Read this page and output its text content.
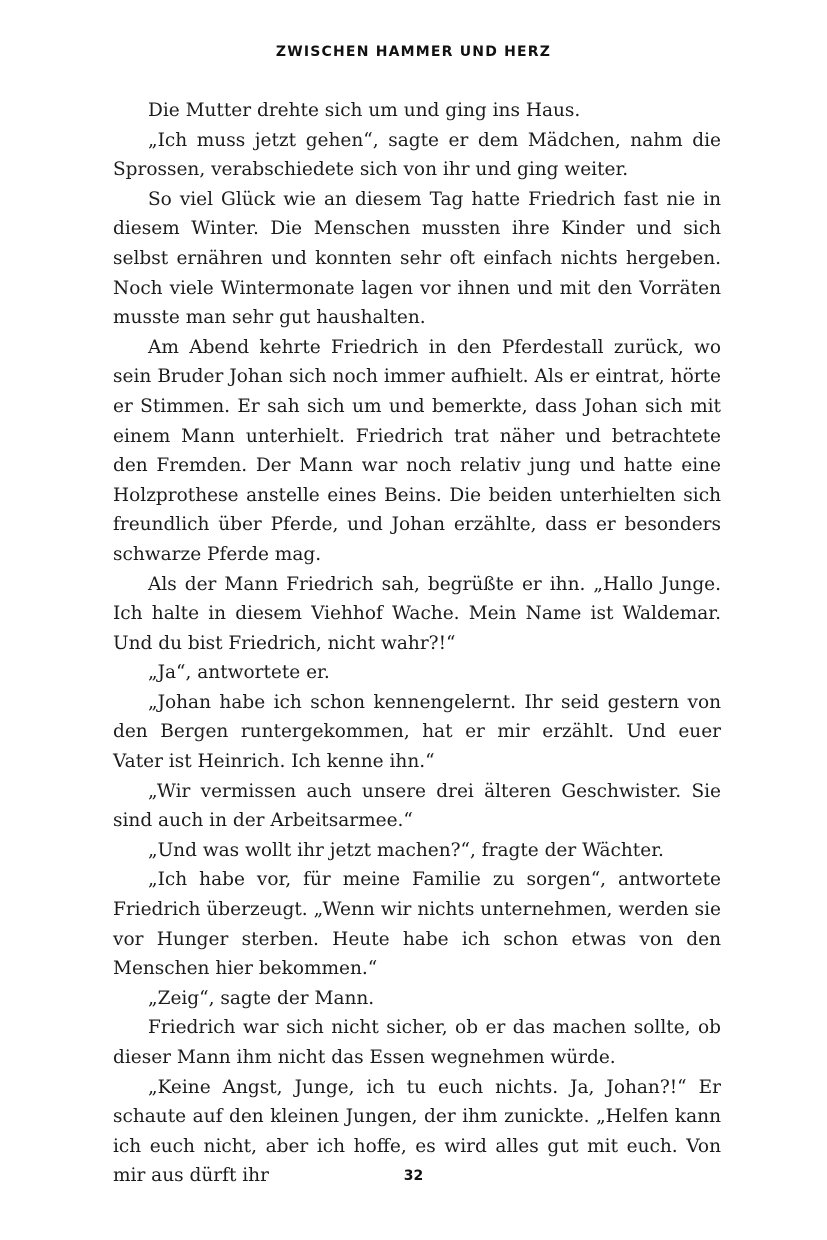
ZWISCHEN HAMMER UND HERZ

Die Mutter drehte sich um und ging ins Haus.

„Ich muss jetzt gehen“, sagte er dem Mädchen, nahm die Sprossen, verabschiedete sich von ihr und ging weiter.

So viel Glück wie an diesem Tag hatte Friedrich fast nie in diesem Winter. Die Menschen mussten ihre Kinder und sich selbst ernähren und konnten sehr oft einfach nichts hergeben. Noch viele Wintermonate lagen vor ihnen und mit den Vorräten musste man sehr gut haushalten.

Am Abend kehrte Friedrich in den Pferdestall zurück, wo sein Bruder Johan sich noch immer aufhielt. Als er eintrat, hörte er Stimmen. Er sah sich um und bemerkte, dass Johan sich mit einem Mann unterhielt. Friedrich trat näher und betrachtete den Fremden. Der Mann war noch relativ jung und hatte eine Holzprothese anstelle eines Beins. Die beiden unterhielten sich freundlich über Pferde, und Johan erzählte, dass er besonders schwarze Pferde mag.

Als der Mann Friedrich sah, begrüßte er ihn. „Hallo Junge. Ich halte in diesem Viehhof Wache. Mein Name ist Waldemar. Und du bist Friedrich, nicht wahr?!“

„Ja“, antwortete er.

„Johan habe ich schon kennengelernt. Ihr seid gestern von den Bergen runtergekommen, hat er mir erzählt. Und euer Vater ist Heinrich. Ich kenne ihn.“

„Wir vermissen auch unsere drei älteren Geschwister. Sie sind auch in der Arbeitsarmee.“

„Und was wollt ihr jetzt machen?“, fragte der Wächter.

„Ich habe vor, für meine Familie zu sorgen“, antwortete Friedrich überzeugt. „Wenn wir nichts unternehmen, werden sie vor Hunger sterben. Heute habe ich schon etwas von den Menschen hier bekommen.“

„Zeig“, sagte der Mann.

Friedrich war sich nicht sicher, ob er das machen sollte, ob dieser Mann ihm nicht das Essen wegnehmen würde.

„Keine Angst, Junge, ich tu euch nichts. Ja, Johan?!“ Er schaute auf den kleinen Jungen, der ihm zunickte. „Helfen kann ich euch nicht, aber ich hoffe, es wird alles gut mit euch. Von mir aus dürft ihr	32
